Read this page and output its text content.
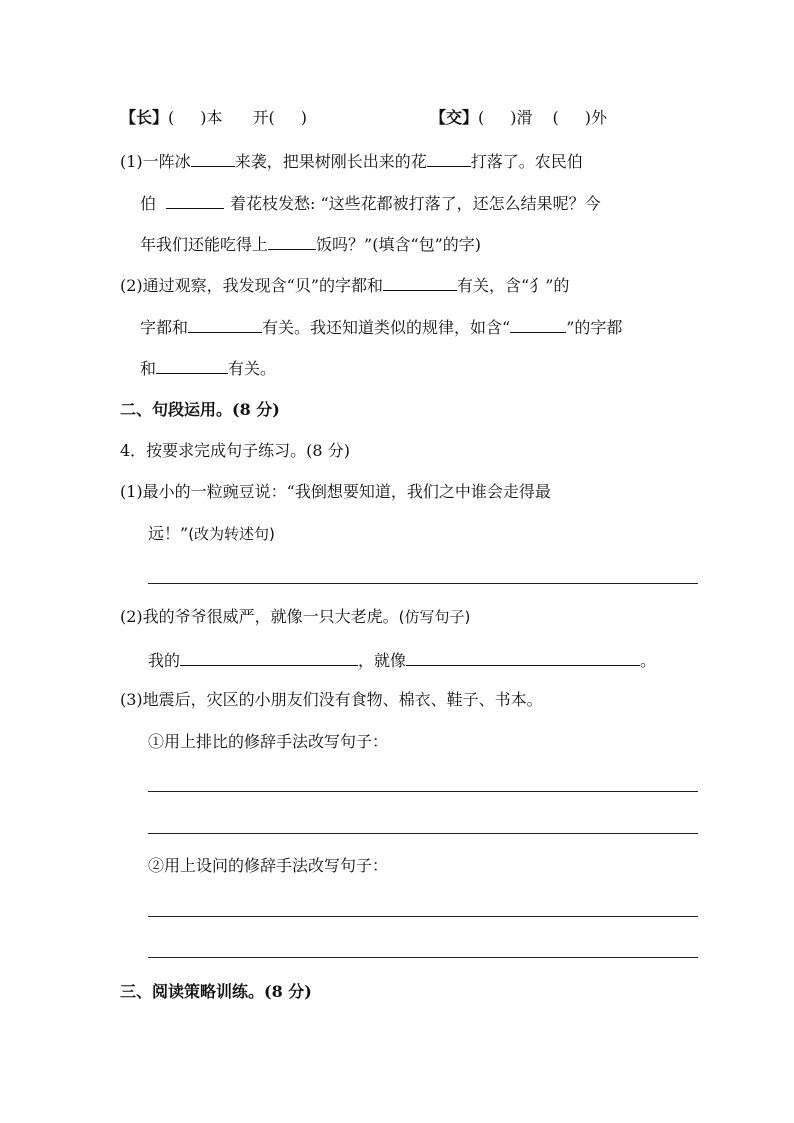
【长】( )本 开( )	【交】( )滑 ( )外
(1)一阵冰	来袭，把果树刚长出来的花	打落了。农民伯
伯	着花枝发愁: “这些花都被打落了，还怎么结果呢？今
年我们还能吃得上	饭吗？”(填含“包”的字)
(2)通过观察，我发现含“贝”的字都和	有关，含“犭”的
字都和	有关。我还知道类似的规律，如含“	”的字都
和	有关。
二、句段运用。(8 分)
4．按要求完成句子练习。(8 分)
(1)最小的一粒豌豆说：“我倒想要知道，我们之中谁会走得最
远！”(改为转述句)
(2)我的爷爷很威严，就像一只大老虎。(仿写句子)
我的	，就像	。
(3)地震后，灾区的小朋友们没有食物、棉衣、鞋子、书本。
①用上排比的修辞手法改写句子：
②用上设问的修辞手法改写句子：
三、阅读策略训练。(8 分)
